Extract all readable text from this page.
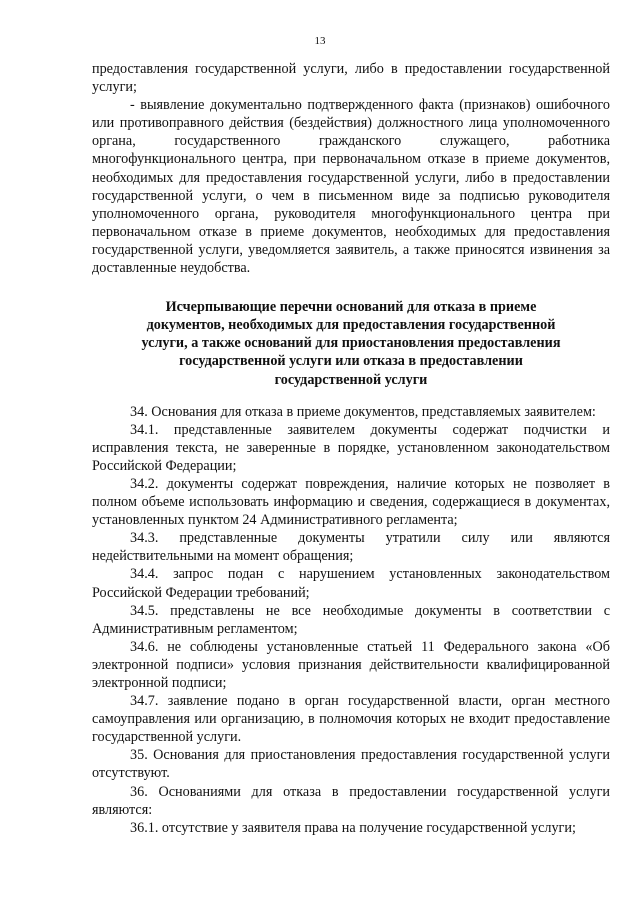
13

предоставления государственной услуги, либо в предоставлении государственной услуги;

- выявление документально подтвержденного факта (признаков) ошибочного или противоправного действия (бездействия) должностного лица уполномоченного органа, государственного гражданского служащего, работника многофункционального центра, при первоначальном отказе в приеме документов, необходимых для предоставления государственной услуги, либо в предоставлении государственной услуги, о чем в письменном виде за подписью руководителя уполномоченного органа, руководителя многофункционального центра при первоначальном отказе в приеме документов, необходимых для предоставления государственной услуги, уведомляется заявитель, а также приносятся извинения за доставленные неудобства.

Исчерпывающие перечни оснований для отказа в приеме
документов, необходимых для предоставления государственной
услуги, а также оснований для приостановления предоставления
государственной услуги или отказа в предоставлении
государственной услуги

34. Основания для отказа в приеме документов, представляемых заявителем:

34.1. представленные заявителем документы содержат подчистки и исправления текста, не заверенные в порядке, установленном законодательством Российской Федерации;

34.2. документы содержат повреждения, наличие которых не позволяет в полном объеме использовать информацию и сведения, содержащиеся в документах, установленных пунктом 24 Административного регламента;

34.3. представленные документы утратили силу или являются недействительными на момент обращения;

34.4. запрос подан с нарушением установленных законодательством Российской Федерации требований;

34.5. представлены не все необходимые документы в соответствии с Административным регламентом;

34.6. не соблюдены установленные статьей 11 Федерального закона «Об электронной подписи» условия признания действительности квалифицированной электронной подписи;

34.7. заявление подано в орган государственной власти, орган местного самоуправления или организацию, в полномочия которых не входит предоставление государственной услуги.

35. Основания для приостановления предоставления государственной услуги отсутствуют.

36. Основаниями для отказа в предоставлении государственной услуги являются:

36.1. отсутствие у заявителя права на получение государственной услуги;
